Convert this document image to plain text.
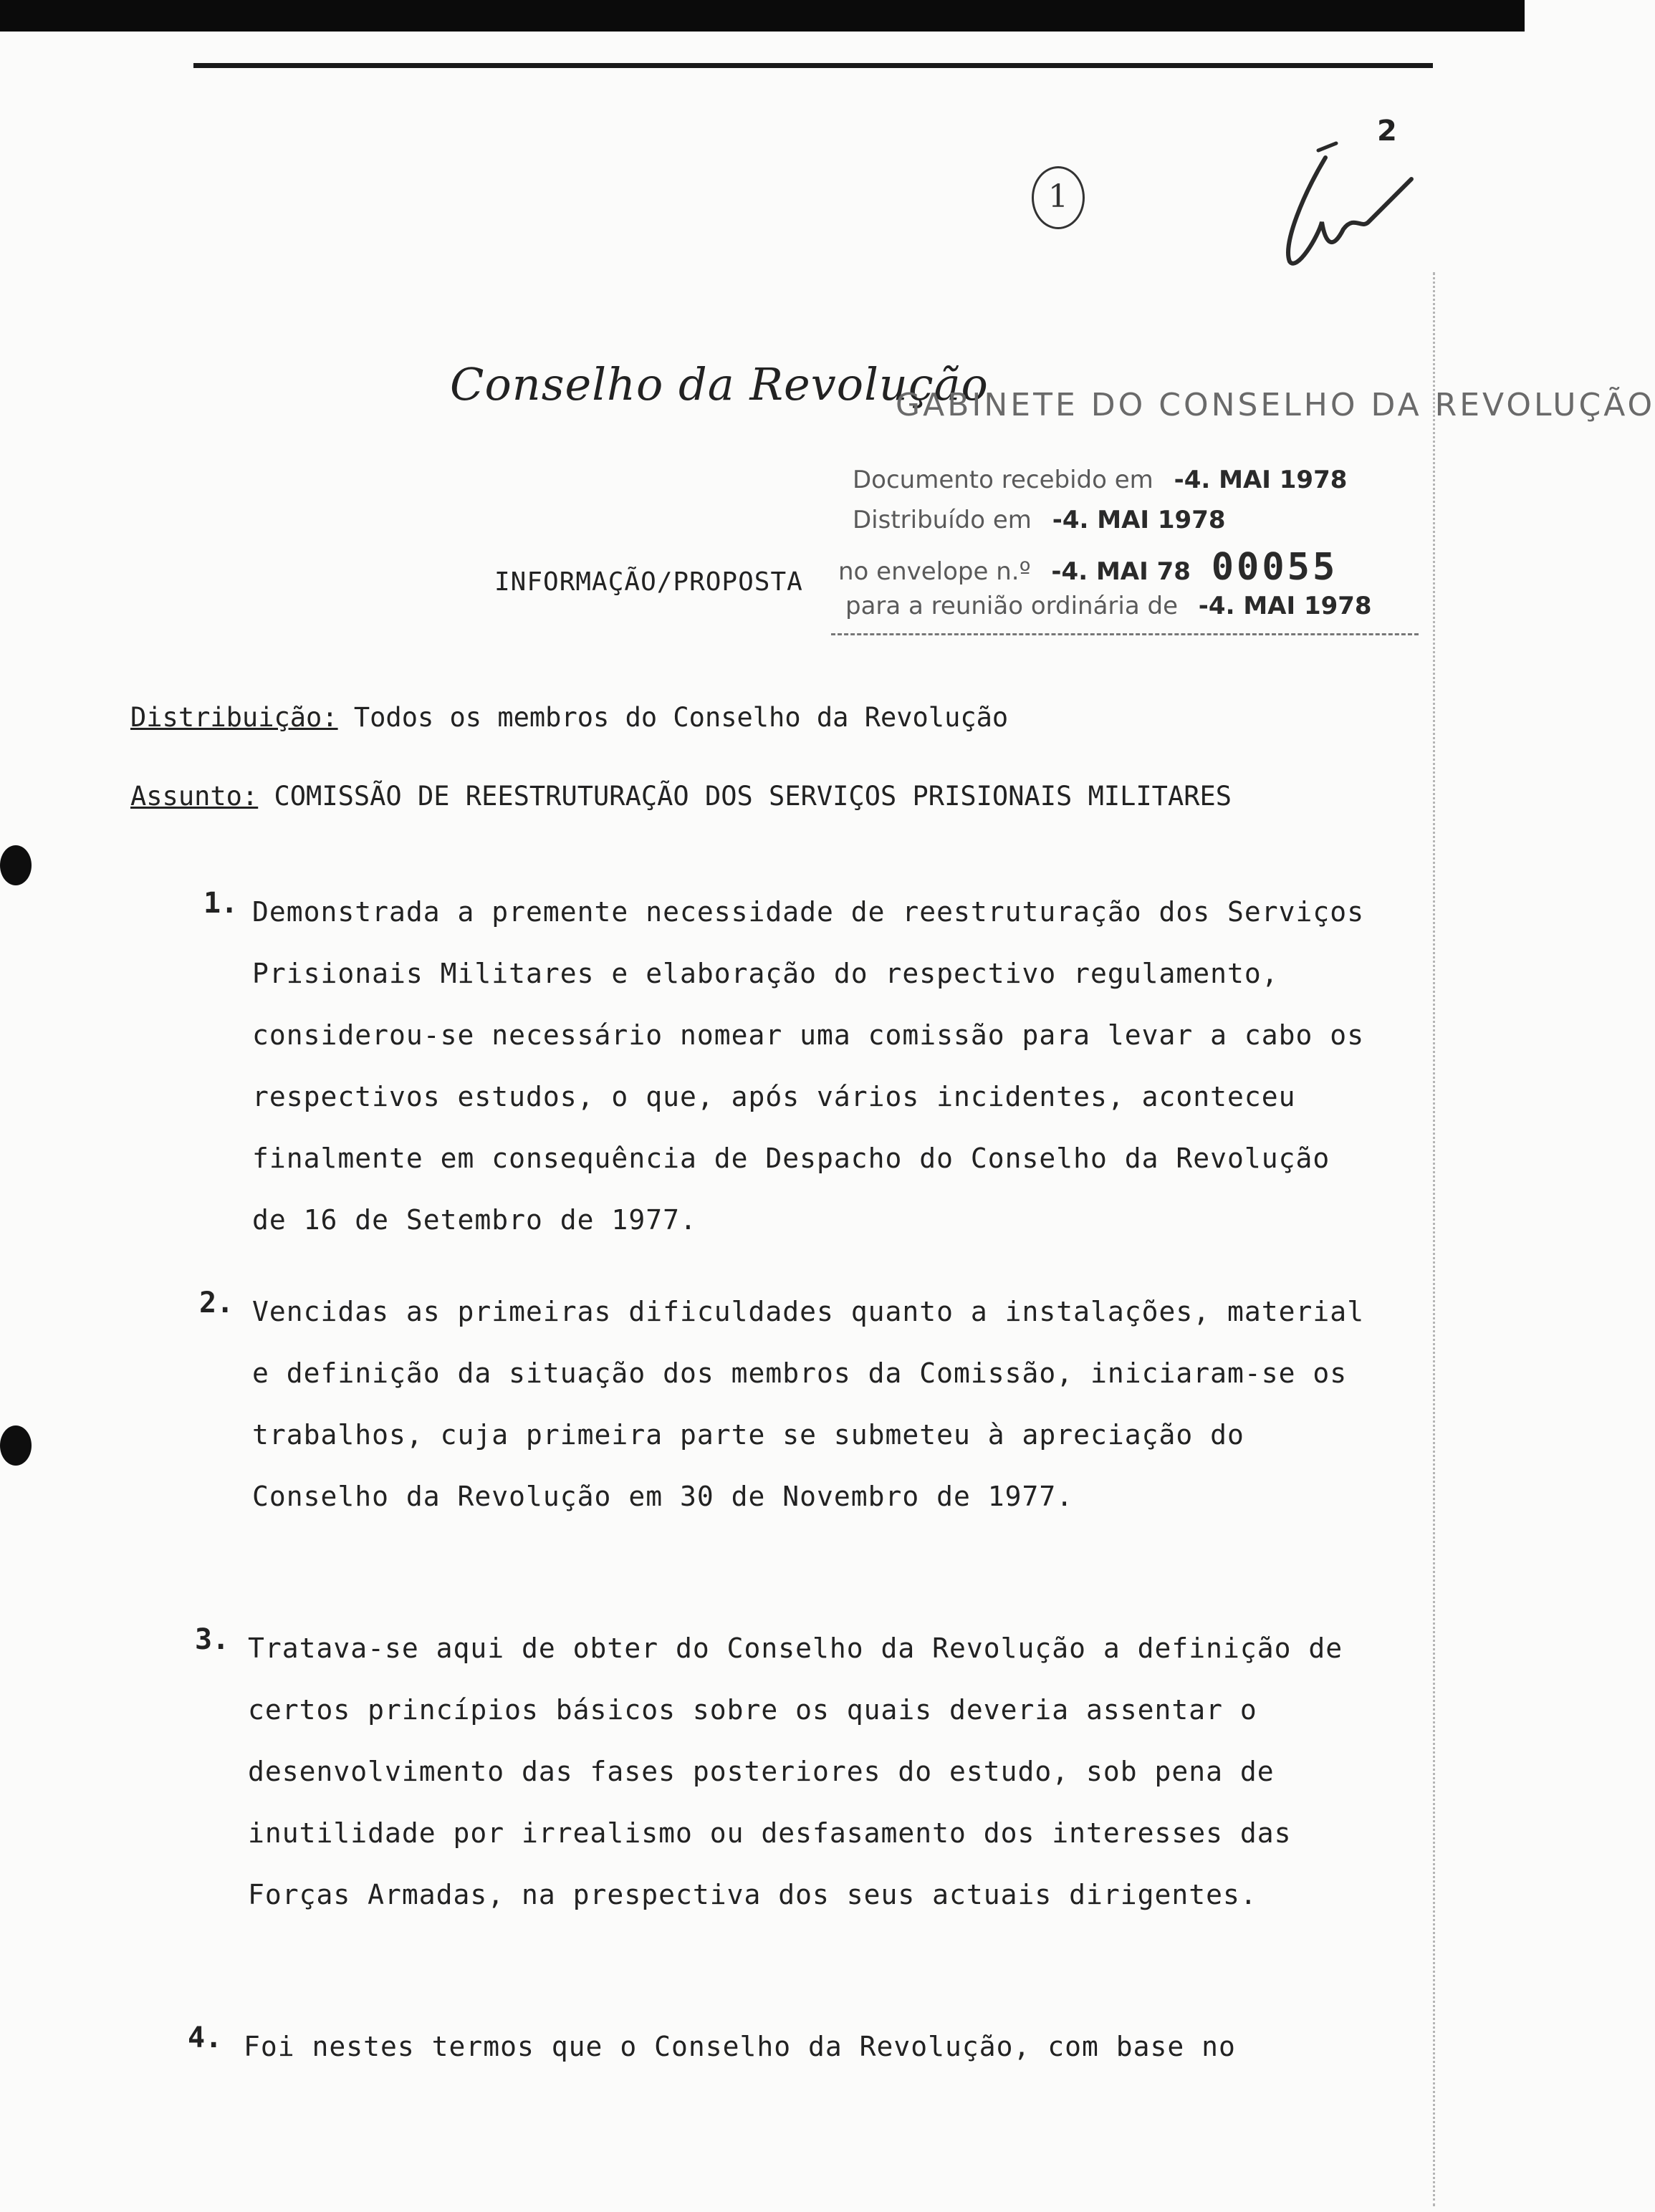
1
2
Conselho da Revolução
GABINETE DO CONSELHO DA REVOLUÇÃO
Documento recebido em -4. MAI 1978
Distribuído em -4. MAI 1978
no envelope n.º -4. MAI 78 00055
para a reunião ordinária de -4. MAI 1978
INFORMAÇÃO/PROPOSTA
Distribuição: Todos os membros do Conselho da Revolução
Assunto: COMISSÃO DE REESTRUTURAÇÃO DOS SERVIÇOS PRISIONAIS MILITARES
1. Demonstrada a premente necessidade de reestruturação dos Serviços Prisionais Militares e elaboração do respectivo regulamento, considerou-se necessário nomear uma comissão para levar a cabo os respectivos estudos, o que, após vários incidentes, aconteceu finalmente em consequência de Despacho do Conselho da Revolução de 16 de Setembro de 1977.
2. Vencidas as primeiras dificuldades quanto a instalações, material e definição da situação dos membros da Comissão, iniciaram-se os trabalhos, cuja primeira parte se submeteu à apreciação do Conselho da Revolução em 30 de Novembro de 1977.
3. Tratava-se aqui de obter do Conselho da Revolução a definição de certos princípios básicos sobre os quais deveria assentar o desenvolvimento das fases posteriores do estudo, sob pena de inutilidade por irrealismo ou desfasamento dos interesses das Forças Armadas, na prespectiva dos seus actuais dirigentes.
4. Foi nestes termos que o Conselho da Revolução, com base no
